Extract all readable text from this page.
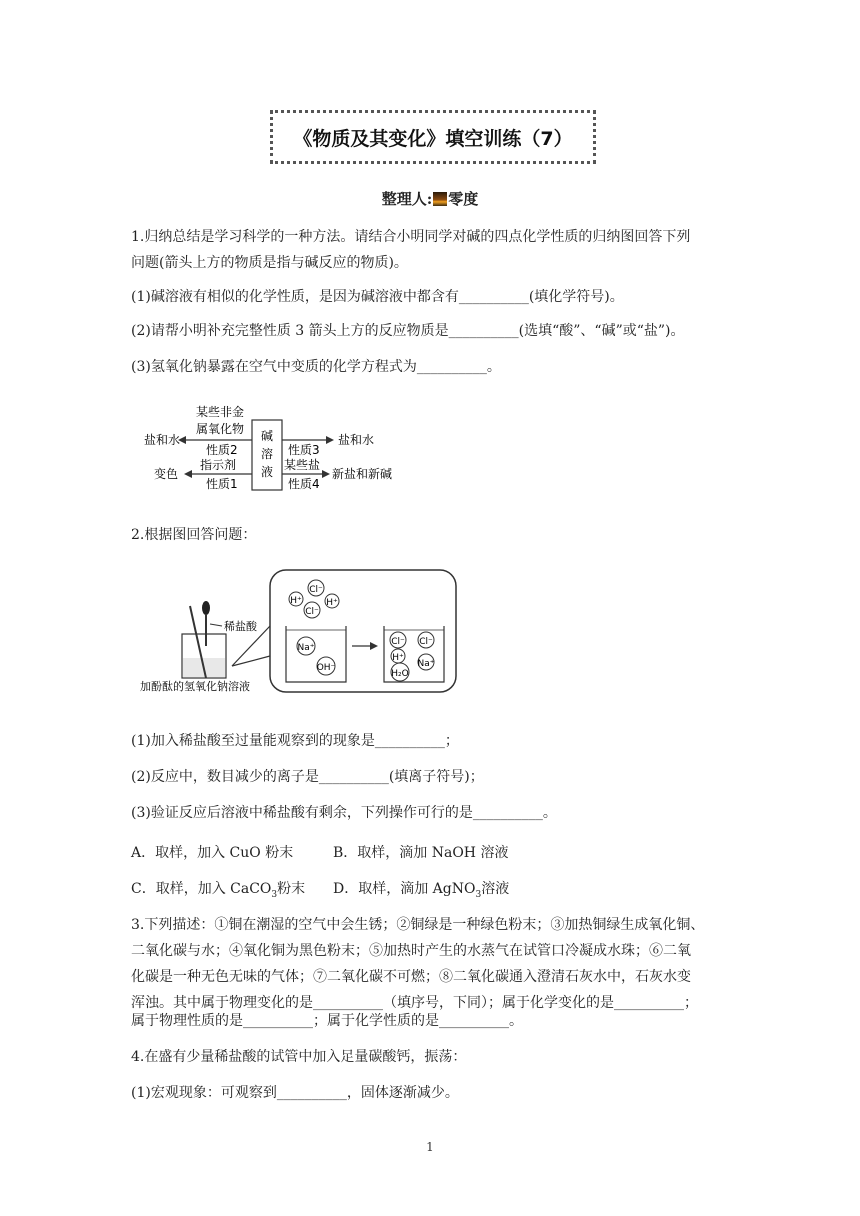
《物质及其变化》填空训练（7）
整理人: 零度
1.归纳总结是学习科学的一种方法。请结合小明同学对碱的四点化学性质的归纳图回答下列
问题(箭头上方的物质是指与碱反应的物质)。
(1)碱溶液有相似的化学性质，是因为碱溶液中都含有__________(填化学符号)。
(2)请帮小明补充完整性质 3 箭头上方的反应物质是__________(选填“酸”、“碱”或“盐”)。
(3)氢氧化钠暴露在空气中变质的化学方程式为__________。
碱
溶
液
盐和水
某些非金
属氧化物
性质2
变色
指示剂
性质1
盐和水
性质3
新盐和新碱
某些盐
性质4
2.根据图回答问题：
稀盐酸
加酚酞的氢氧化钠溶液
Cl⁻
H⁺	H⁺
Cl⁻
Na⁺
OH⁻
Cl⁻ Cl⁻
H⁺
Na⁺
H₂O
(1)加入稀盐酸至过量能观察到的现象是__________；
(2)反应中，数目减少的离子是__________(填离子符号)；
(3)验证反应后溶液中稀盐酸有剩余，下列操作可行的是__________。
A．取样，加入 CuO 粉末	B．取样，滴加 NaOH 溶液
C．取样，加入 CaCO$_3$粉末 D．取样，滴加 AgNO$_3$溶液
3.下列描述：①铜在潮湿的空气中会生锈；②铜绿是一种绿色粉末；③加热铜绿生成氧化铜、
二氧化碳与水；④氧化铜为黑色粉末；⑤加热时产生的水蒸气在试管口冷凝成水珠；⑥二氧
化碳是一种无色无味的气体；⑦二氧化碳不可燃；⑧二氧化碳通入澄清石灰水中，石灰水变
浑浊。其中属于物理变化的是__________（填序号，下同）；属于化学变化的是__________；
属于物理性质的是__________；属于化学性质的是__________。
4.在盛有少量稀盐酸的试管中加入足量碳酸钙，振荡：
(1)宏观现象：可观察到__________，固体逐渐减少。
1
